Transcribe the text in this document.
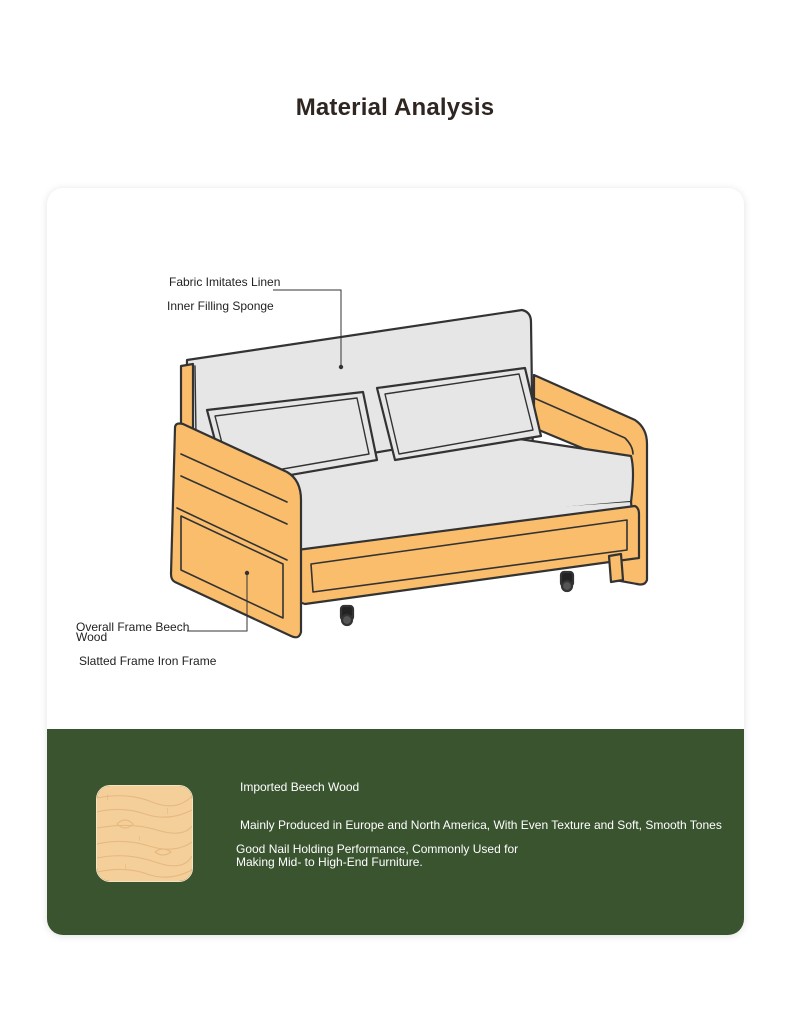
Material Analysis
Fabric Imitates Linen
Inner Filling Sponge
Overall Frame Beech Wood
Slatted Frame Iron Frame
Imported Beech Wood
Mainly Produced in Europe and North America, With Even Texture and Soft, Smooth Tones
Good Nail Holding Performance, Commonly Used for Making Mid- to High-End Furniture.
